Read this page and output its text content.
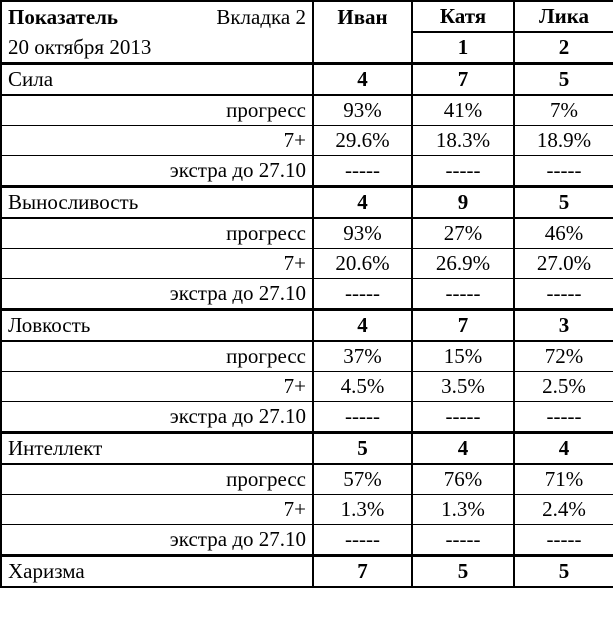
Показатель Вкладка 2	Иван	Катя	Лика
20 октября 2013		1	2
Сила	4	7	5
прогресс	93%	41%	7%
7+	29.6%	18.3%	18.9%
экстра до 27.10	-----	-----	-----
Выносливость	4	9	5
прогресс	93%	27%	46%
7+	20.6%	26.9%	27.0%
экстра до 27.10	-----	-----	-----
Ловкость	4	7	3
прогресс	37%	15%	72%
7+	4.5%	3.5%	2.5%
экстра до 27.10	-----	-----	-----
Интеллект	5	4	4
прогресс	57%	76%	71%
7+	1.3%	1.3%	2.4%
экстра до 27.10	-----	-----	-----
Харизма	7	5	5
